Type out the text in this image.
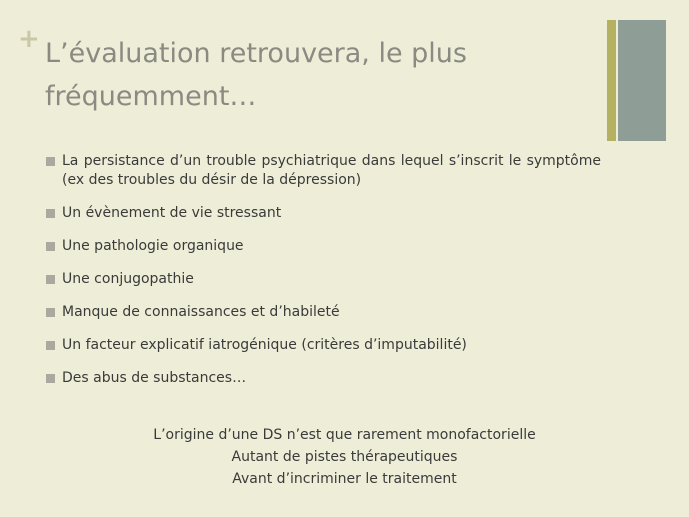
+ L’évaluation retrouvera, le plus fréquemment…
La persistance d’un trouble psychiatrique dans lequel s’inscrit le symptôme (ex des troubles du désir de la dépression)
Un évènement de vie stressant
Une pathologie organique
Une conjugopathie
Manque de connaissances et d’habileté
Un facteur explicatif iatrogénique (critères d’imputabilité)
Des abus de substances…
L’origine d’une DS n’est que rarement monofactorielle
Autant de pistes thérapeutiques
Avant d’incriminer le traitement
